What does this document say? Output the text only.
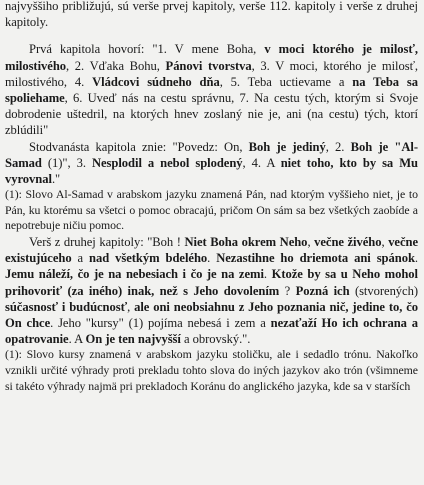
najvyššiho približujú, sú verše prvej kapitoly, verše 112. kapitoly i verše z druhej kapitoly.

Prvá kapitola hovorí: "1. V mene Boha, v moci ktorého je milosť, milostivého, 2. Vďaka Bohu, Pánovi tvorstva, 3. V moci, ktorého je milosť, milostivého, 4. Vládcovi súdneho dňa, 5. Teba uctievame a na Teba sa spoliehame, 6. Uveď nás na cestu správnu, 7. Na cestu tých, ktorým si Svoje dobrodenie uštedril, na ktorých hnev zoslaný nie je, ani (na cestu) tých, ktorí zblúdili"

Stodvanásta kapitola znie: "Povedz: On, Boh je jediný, 2. Boh je "Al-Samad (1)", 3. Nesplodil a nebol splodený, 4. A niet toho, kto by sa Mu vyrovnal."

(1): Slovo Al-Samad v arabskom jazyku znamená Pán, nad ktorým vyššieho niet, je to Pán, ku ktorému sa všetci o pomoc obracajú, pričom On sám sa bez všetkých zaobíde a nepotrebuje ničiu pomoc.

Verš z druhej kapitoly: "Boh ! Niet Boha okrem Neho, večne živého, večne existujúceho a nad všetkým bdelého. Nezastihne ho driemota ani spánok. Jemu náleží, čo je na nebesiach i čo je na zemi. Ktože by sa u Neho mohol prihovoriť (za iného) inak, než s Jeho dovolením ? Pozná ich (stvorených) súčasnosť i budúcnosť, ale oni neobsiahnu z Jeho poznania nič, jedine to, čo On chce. Jeho "kursy" (1) pojíma nebesá i zem a nezaťaží Ho ich ochrana a opatrovanie. A On je ten najvyšší a obrovský.".

(1): Slovo kursy znamená v arabskom jazyku stoličku, ale i sedadlo trónu. Nakoľko vznikli určité výhrady proti prekladu tohto slova do iných jazykov ako trón (všimneme si takéto výhrady najmä pri prekladoch Koránu do anglického jazyka, kde sa v starších
